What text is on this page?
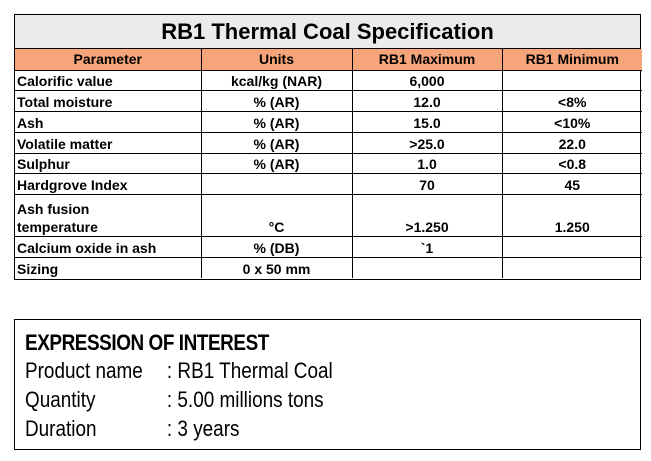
RB1 Thermal Coal Specification
Parameter	Units	RB1 Maximum	RB1 Minimum
Calorific value	kcal/kg (NAR)	6,000	
Total moisture	% (AR)	12.0	<8%
Ash	% (AR)	15.0	<10%
Volatile matter	% (AR)	>25.0	22.0
Sulphur	% (AR)	1.0	<0.8
Hardgrove Index		70	45
Ash fusion
temperature	°C	>1.250	1.250
Calcium oxide in ash	% (DB)	`1	
Sizing	0 x 50 mm		
EXPRESSION OF INTEREST
Product name	: RB1 Thermal Coal
Quantity	: 5.00 millions tons
Duration	: 3 years
